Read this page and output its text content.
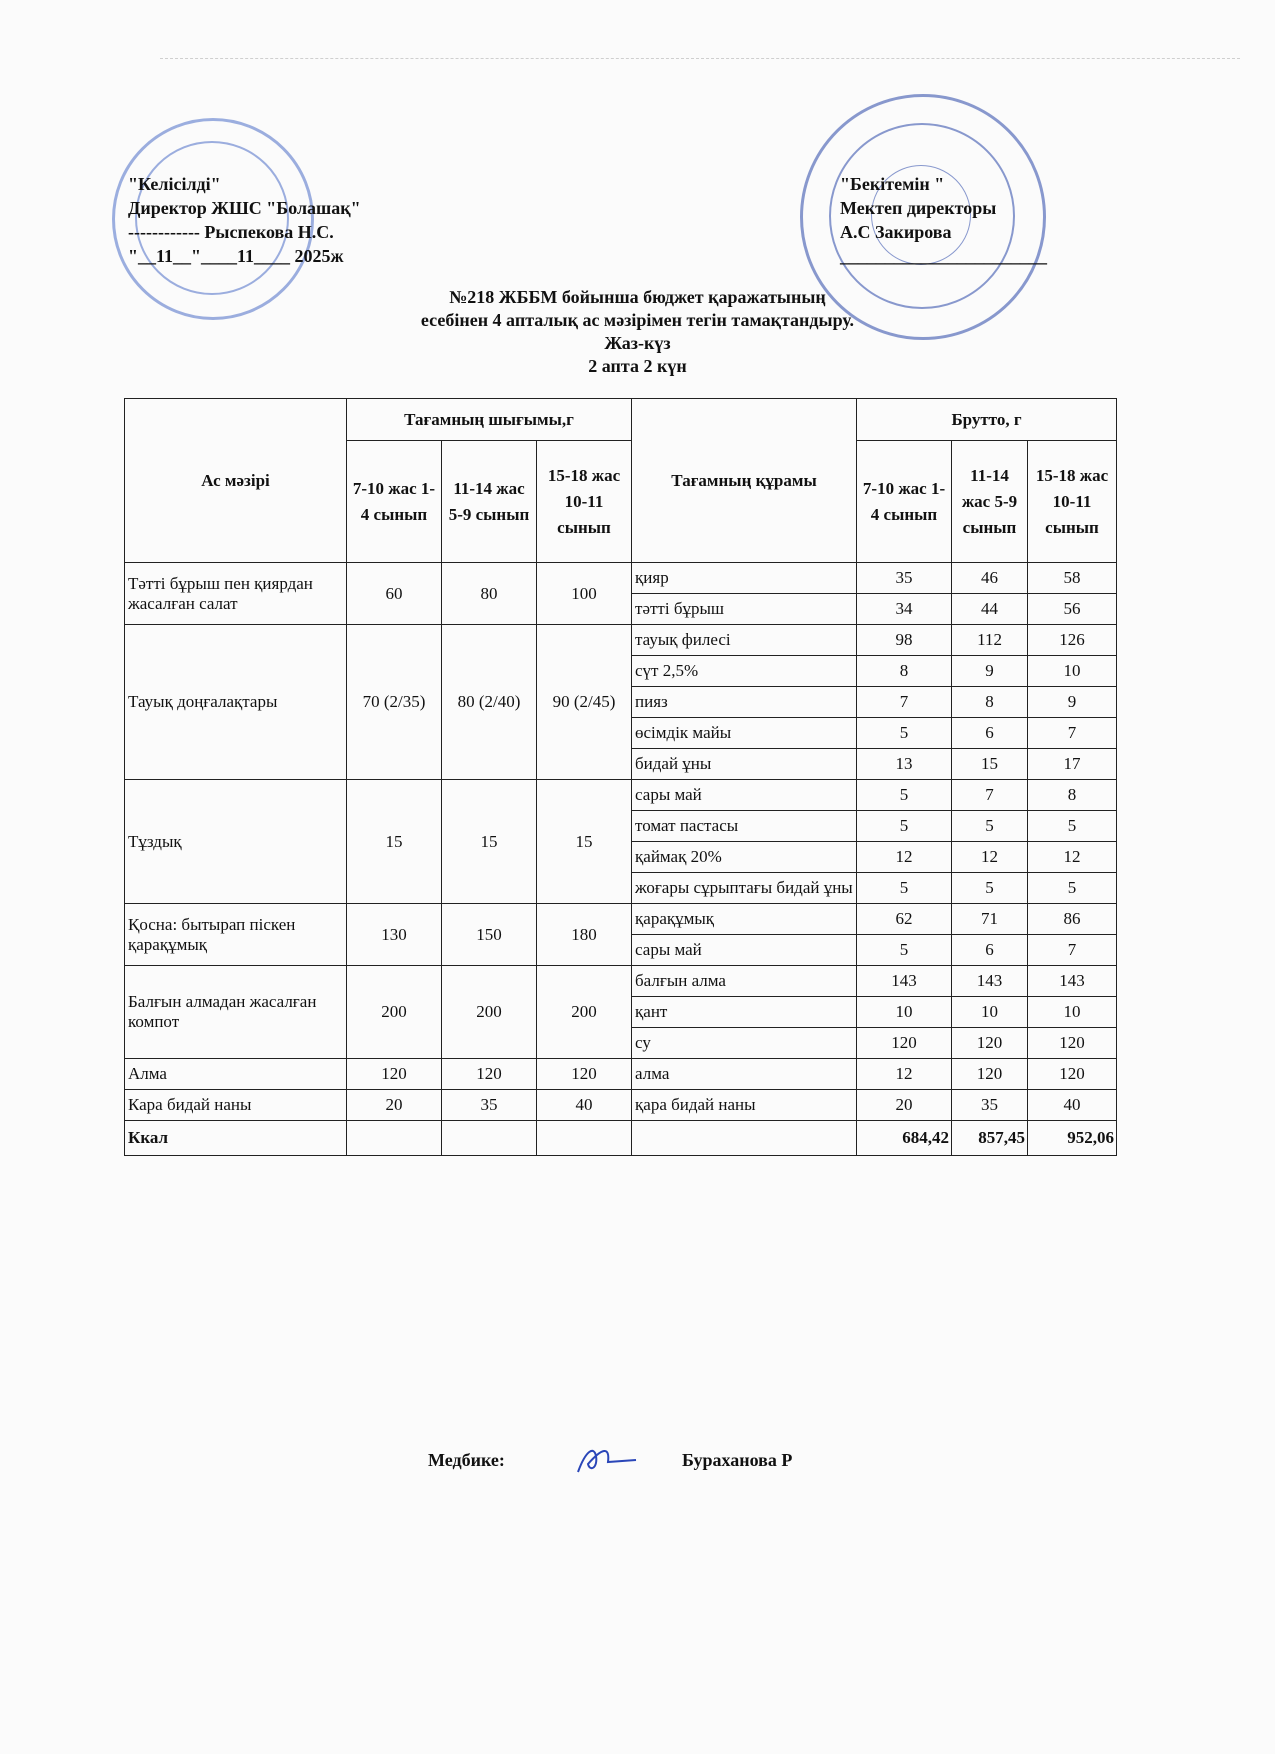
"Келісілді"
Директор ЖШС "Болашақ"
------------ Рыспекова Н.С.
"__11__"____11____ 2025ж
"Бекітемін "
Мектеп директоры
А.С Закирова
_______________________
№218 ЖББМ бойынша бюджет қаражатының
есебінен 4 апталық ас мәзірімен тегін тамақтандыру.
Жаз-күз
2 апта 2 күн
Ас мәзірі	Тағамның шығымы,г			Тағамның құрамы	Брутто, г		
	7-10 жас 1-4 сынып	11-14 жас 5-9 сынып	15-18 жас 10-11 сынып		7-10 жас 1-4 сынып	11-14 жас 5-9 сынып	15-18 жас 10-11 сынып
Тәтті бұрыш пен қиярдан жасалған салат	60	80	100	қияр	35	46	58
				тәтті бұрыш	34	44	56
Тауық доңғалақтары	70 (2/35)	80 (2/40)	90 (2/45)	тауық филесі	98	112	126
				сүт 2,5%	8	9	10
				пияз	7	8	9
				өсімдік майы	5	6	7
				бидай ұны	13	15	17
Тұздық	15	15	15	сары май	5	7	8
				томат пастасы	5	5	5
				қаймақ 20%	12	12	12
				жоғары сұрыптағы бидай ұны	5	5	5
Қосна: бытырап піскен қарақұмық	130	150	180	қарақұмық	62	71	86
				сары май	5	6	7
Балғын алмадан жасалған компот	200	200	200	балғын алма	143	143	143
				қант	10	10	10
				су	120	120	120
Алма	120	120	120	алма	12	120	120
Кара бидай наны	20	35	40	қара бидай наны	20	35	40
Ккал					684,42	857,45	952,06
Медбике:	Бураханова Р
